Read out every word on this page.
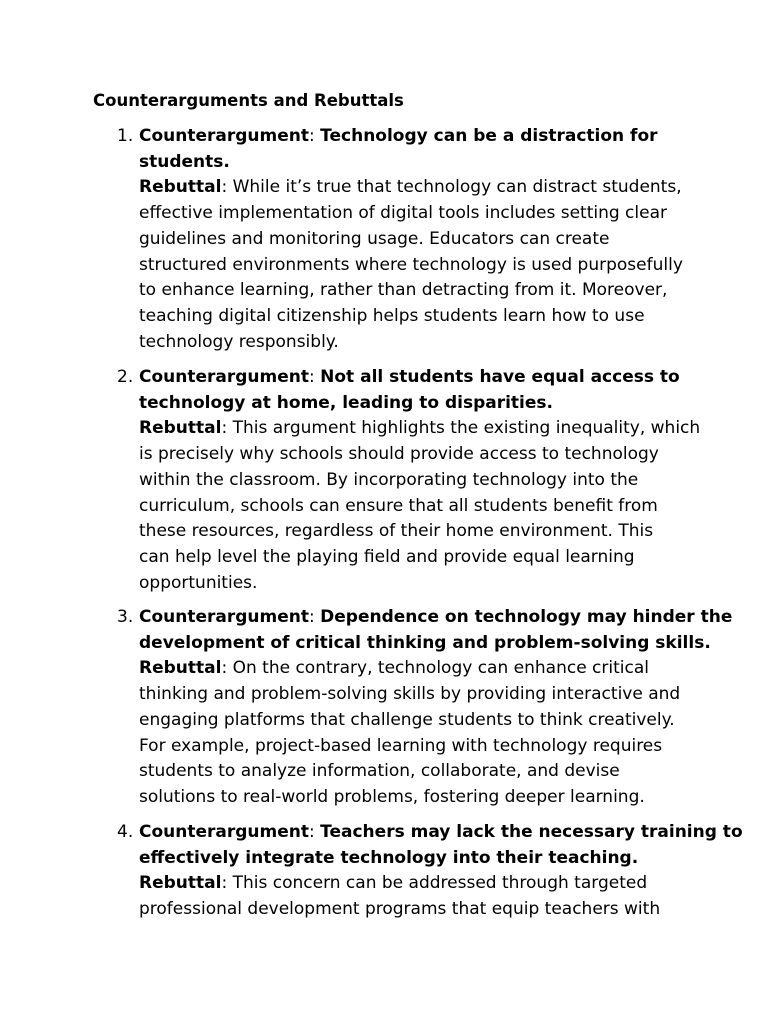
Counterarguments and Rebuttals
1. Counterargument: Technology can be a distraction for
students.
Rebuttal: While it’s true that technology can distract students,
effective implementation of digital tools includes setting clear
guidelines and monitoring usage. Educators can create
structured environments where technology is used purposefully
to enhance learning, rather than detracting from it. Moreover,
teaching digital citizenship helps students learn how to use
technology responsibly.
2. Counterargument: Not all students have equal access to
technology at home, leading to disparities.
Rebuttal: This argument highlights the existing inequality, which
is precisely why schools should provide access to technology
within the classroom. By incorporating technology into the
curriculum, schools can ensure that all students benefit from
these resources, regardless of their home environment. This
can help level the playing field and provide equal learning
opportunities.
3. Counterargument: Dependence on technology may hinder the
development of critical thinking and problem-solving skills.
Rebuttal: On the contrary, technology can enhance critical
thinking and problem-solving skills by providing interactive and
engaging platforms that challenge students to think creatively.
For example, project-based learning with technology requires
students to analyze information, collaborate, and devise
solutions to real-world problems, fostering deeper learning.
4. Counterargument: Teachers may lack the necessary training to
effectively integrate technology into their teaching.
Rebuttal: This concern can be addressed through targeted
professional development programs that equip teachers with
